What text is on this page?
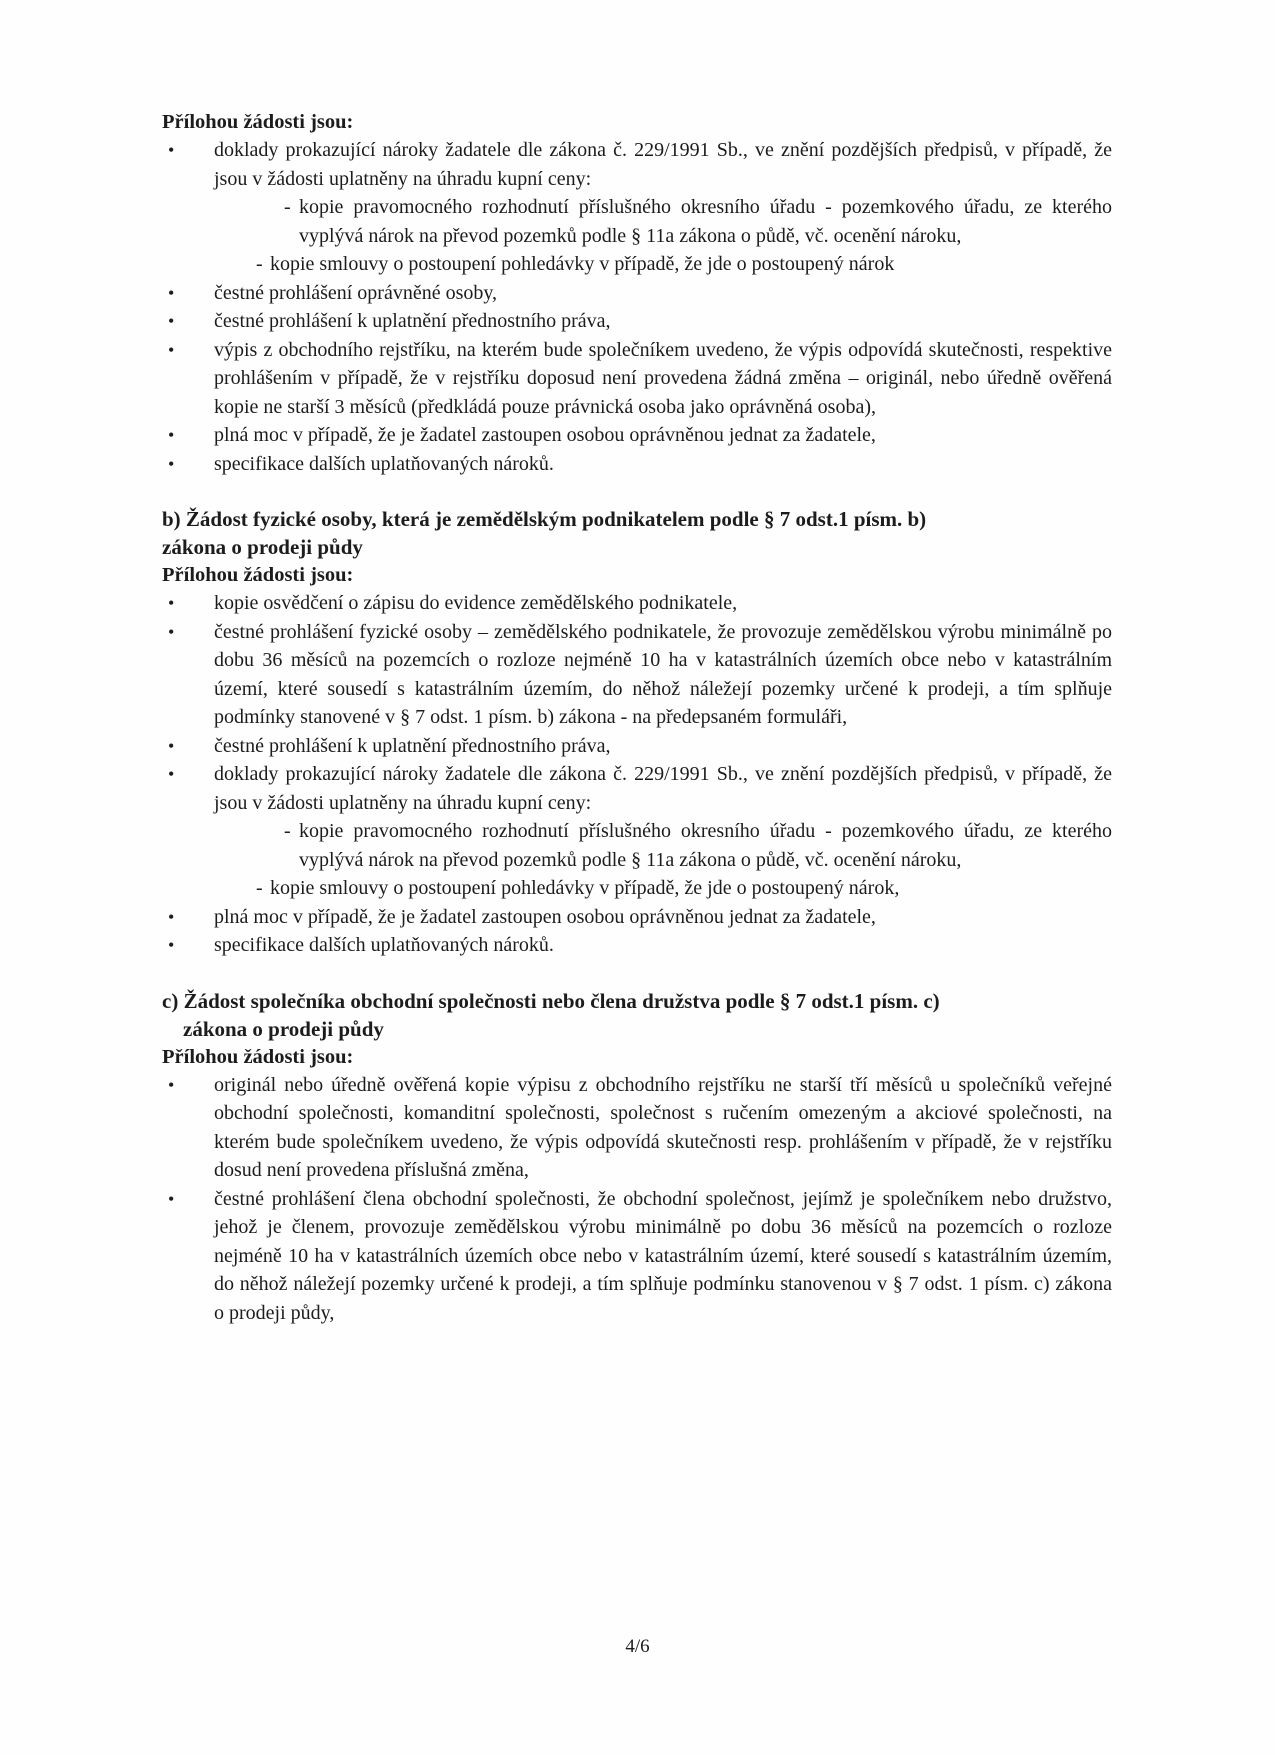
Přílohou žádosti jsou:
• doklady prokazující nároky žadatele dle zákona č. 229/1991 Sb., ve znění pozdějších předpisů, v případě, že jsou v žádosti uplatněny na úhradu kupní ceny:
- kopie pravomocného rozhodnutí příslušného okresního úřadu - pozemkového úřadu, ze kterého vyplývá nárok na převod pozemků podle § 11a zákona o půdě, vč. ocenění nároku,
- kopie smlouvy o postoupení pohledávky v případě, že jde o postoupený nárok
• čestné prohlášení oprávněné osoby,
• čestné prohlášení k uplatnění přednostního práva,
• výpis z obchodního rejstříku, na kterém bude společníkem uvedeno, že výpis odpovídá skutečnosti, respektive prohlášením v případě, že v rejstříku doposud není provedena žádná změna – originál, nebo úředně ověřená kopie ne starší 3 měsíců (předkládá pouze právnická osoba jako oprávněná osoba),
• plná moc v případě, že je žadatel zastoupen osobou oprávněnou jednat za žadatele,
• specifikace dalších uplatňovaných nároků.
b) Žádost fyzické osoby, která je zemědělským podnikatelem podle § 7 odst.1 písm. b)
zákona o prodeji půdy
Přílohou žádosti jsou:
• kopie osvědčení o zápisu do evidence zemědělského podnikatele,
• čestné prohlášení fyzické osoby – zemědělského podnikatele, že provozuje zemědělskou výrobu minimálně po dobu 36 měsíců na pozemcích o rozloze nejméně 10 ha v katastrálních územích obce nebo v katastrálním území, které sousedí s katastrálním územím, do něhož náležejí pozemky určené k prodeji, a tím splňuje podmínky stanovené v § 7 odst. 1 písm. b) zákona - na předepsaném formuláři,
• čestné prohlášení k uplatnění přednostního práva,
• doklady prokazující nároky žadatele dle zákona č. 229/1991 Sb., ve znění pozdějších předpisů, v případě, že jsou v žádosti uplatněny na úhradu kupní ceny:
- kopie pravomocného rozhodnutí příslušného okresního úřadu - pozemkového úřadu, ze kterého vyplývá nárok na převod pozemků podle § 11a zákona o půdě, vč. ocenění nároku,
- kopie smlouvy o postoupení pohledávky v případě, že jde o postoupený nárok,
• plná moc v případě, že je žadatel zastoupen osobou oprávněnou jednat za žadatele,
• specifikace dalších uplatňovaných nároků.
c) Žádost společníka obchodní společnosti nebo člena družstva podle § 7 odst.1 písm. c)
zákona o prodeji půdy
Přílohou žádosti jsou:
• originál nebo úředně ověřená kopie výpisu z obchodního rejstříku ne starší tří měsíců u společníků veřejné obchodní společnosti, komanditní společnosti, společnost s ručením omezeným a akciové společnosti, na kterém bude společníkem uvedeno, že výpis odpovídá skutečnosti resp. prohlášením v případě, že v rejstříku dosud není provedena příslušná změna,
• čestné prohlášení člena obchodní společnosti, že obchodní společnost, jejímž je společníkem nebo družstvo, jehož je členem, provozuje zemědělskou výrobu minimálně po dobu 36 měsíců na pozemcích o rozloze nejméně 10 ha v katastrálních územích obce nebo v katastrálním území, které sousedí s katastrálním územím, do něhož náležejí pozemky určené k prodeji, a tím splňuje podmínku stanovenou v § 7 odst. 1 písm. c) zákona o prodeji půdy,
4/6
